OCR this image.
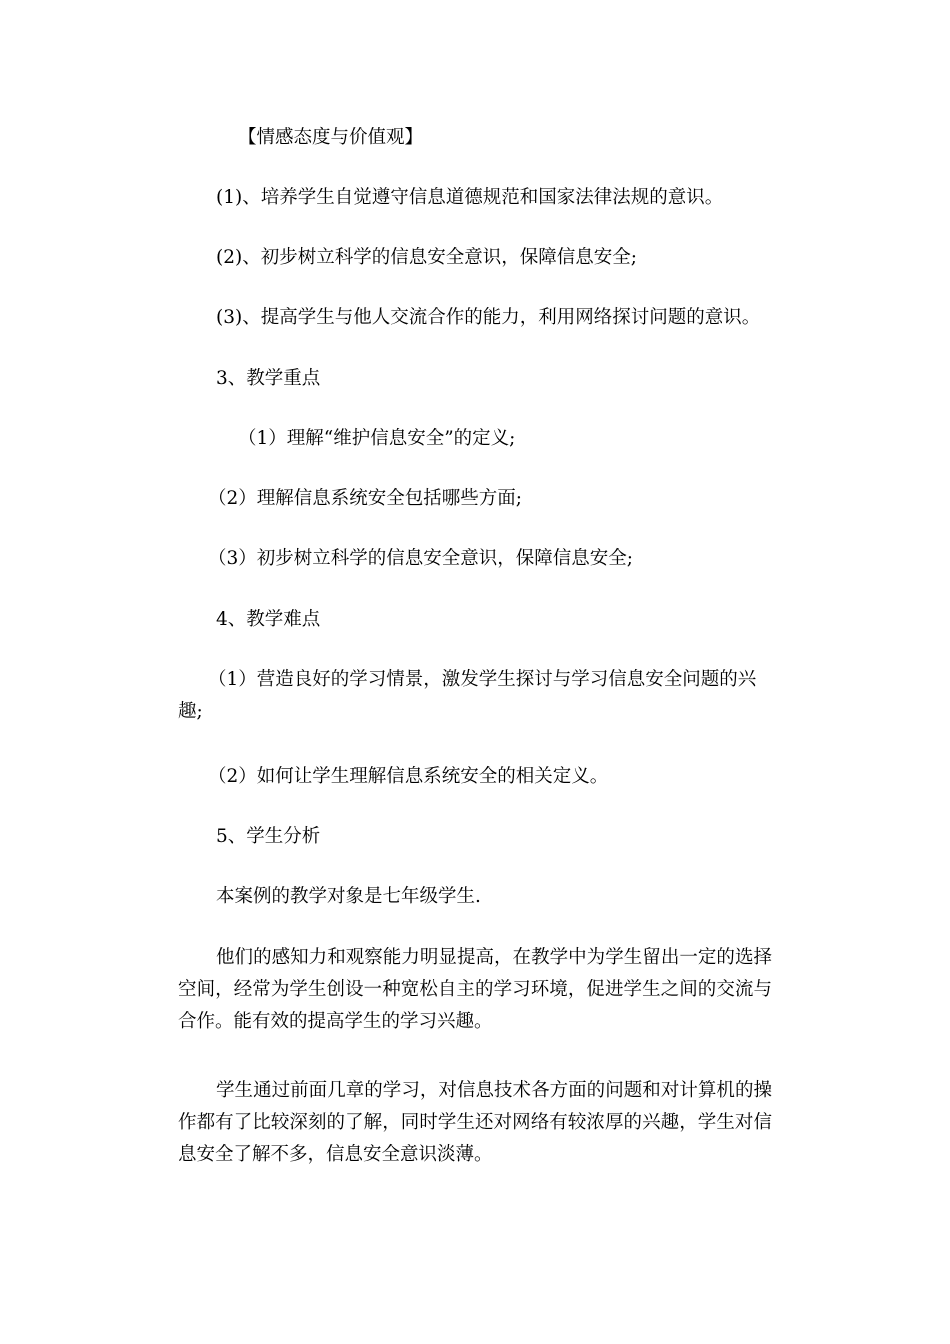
【情感态度与价值观】

(1)、培养学生自觉遵守信息道德规范和国家法律法规的意识。

(2)、初步树立科学的信息安全意识，保障信息安全;

(3)、提高学生与他人交流合作的能力，利用网络探讨问题的意识。

3、教学重点

（1）理解“维护信息安全”的定义;

（2）理解信息系统安全包括哪些方面;

（3）初步树立科学的信息安全意识，保障信息安全;

4、教学难点

（1）营造良好的学习情景，激发学生探讨与学习信息安全问题的兴趣;

（2）如何让学生理解信息系统安全的相关定义。

5、学生分析

本案例的教学对象是七年级学生.

他们的感知力和观察能力明显提高，在教学中为学生留出一定的选择空间，经常为学生创设一种宽松自主的学习环境，促进学生之间的交流与合作。能有效的提高学生的学习兴趣。

学生通过前面几章的学习，对信息技术各方面的问题和对计算机的操作都有了比较深刻的了解，同时学生还对网络有较浓厚的兴趣，学生对信息安全了解不多，信息安全意识淡薄。
